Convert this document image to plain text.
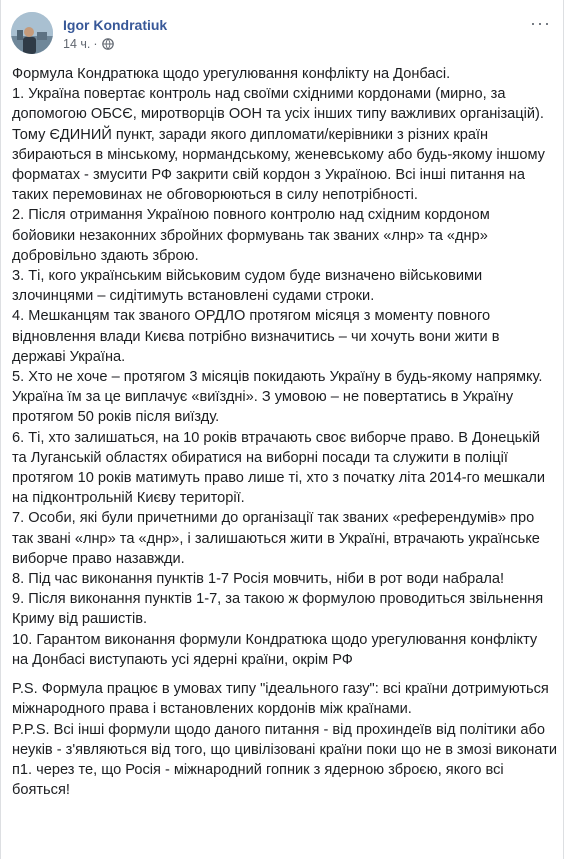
Igor Kondratiuk
14 ч. ·
···

Формула Кондратюка щодо урегулювання конфлікту на Донбасі.

1. Україна повертає контроль над своїми східними кордонами (мирно, за допомогою ОБСЄ, миротворців ООН та усіх інших типу важливих організацій). Тому ЄДИНИЙ пункт, заради якого дипломати/керівники з різних країн збираються в мінському, нормандському, женевському або будь-якому іншому форматах - змусити РФ закрити свій кордон з Україною. Всі інші питання на таких перемовинах не обговорюються в силу непотрібності.

2. Після отримання Україною повного контролю над східним кордоном бойовики незаконних збройних формувань так званих «лнр» та «днр» добровільно здають зброю.

3. Ті, кого українським військовим судом буде визначено військовими злочинцями – сидітимуть встановлені судами строки.

4. Мешканцям так званого ОРДЛО протягом місяця з моменту повного відновлення влади Києва потрібно визначитись – чи хочуть вони жити в державі Україна.

5. Хто не хоче – протягом 3 місяців покидають Україну в будь-якому напрямку. Україна їм за це виплачує «виїздні». З умовою – не повертатись в Україну протягом 50 років після виїзду.

6. Ті, хто залишаться, на 10 років втрачають своє виборче право. В Донецькій та Луганській областях обиратися на виборні посади та служити в поліції протягом 10 років матимуть право лише ті, хто з початку літа 2014-го мешкали на підконтрольній Києву території.

7. Особи, які були причетними до організації так званих «референдумів» про так звані «лнр» та «днр», і залишаються жити в Україні, втрачають українське виборче право назавжди.

8. Під час виконання пунктів 1-7 Росія мовчить, ніби в рот води набрала!

9. Після виконання пунктів 1-7, за такою ж формулою проводиться звільнення Криму від рашистів.

10. Гарантом виконання формули Кондратюка щодо урегулювання конфлікту на Донбасі виступають усі ядерні країни, окрім РФ

P.S. Формула працює в умовах типу "ідеального газу": всі країни дотримуються міжнародного права і встановлених кордонів між країнами.

P.P.S. Всі інші формули щодо даного питання - від прохиндеїв від політики або неуків - з'являються від того, що цивілізовані країни поки що не в змозі виконати п1. через те, що Росія - міжнародний гопник з ядерною зброєю, якого всі бояться!
